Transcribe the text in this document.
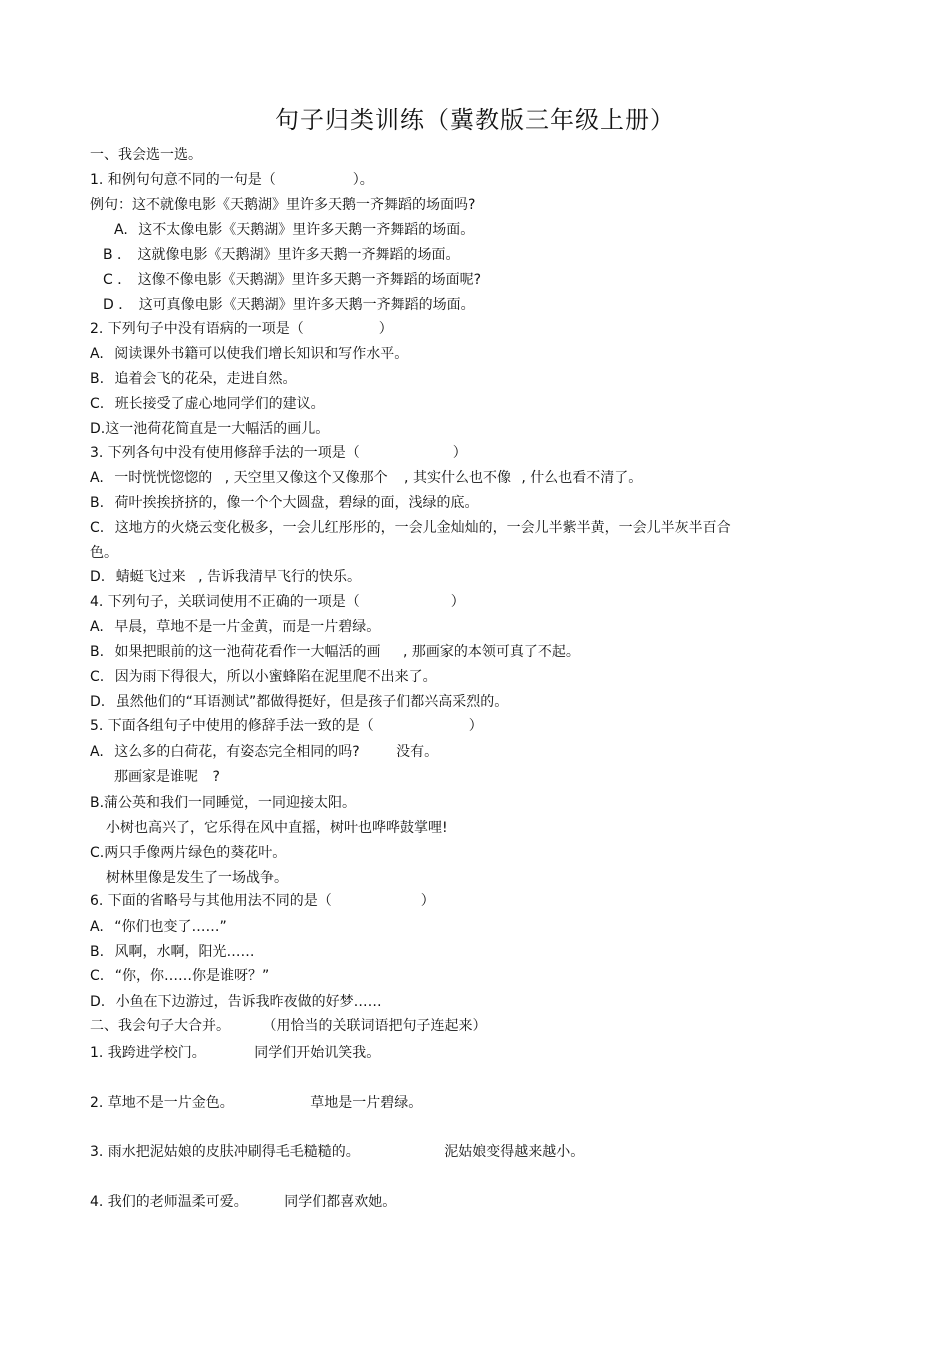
句子归类训练（冀教版三年级上册）
一、我会选一选。
1. 和例句句意不同的一句是（	）。
例句：这不就像电影《天鹅湖》里许多天鹅一齐舞蹈的场面吗?
A. 这不太像电影《天鹅湖》里许多天鹅一齐舞蹈的场面。
B ． 这就像电影《天鹅湖》里许多天鹅一齐舞蹈的场面。
C ． 这像不像电影《天鹅湖》里许多天鹅一齐舞蹈的场面呢?
D ． 这可真像电影《天鹅湖》里许多天鹅一齐舞蹈的场面。
2. 下列句子中没有语病的一项是（	）
A. 阅读课外书籍可以使我们增长知识和写作水平。
B. 追着会飞的花朵，走进自然。
C. 班长接受了虚心地同学们的建议。
D.这一池荷花简直是一大幅活的画儿。
3. 下列各句中没有使用修辞手法的一项是（	）
A. 一时恍恍惚惚的 , 天空里又像这个又像那个 , 其实什么也不像 , 什么也看不清了。
B. 荷叶挨挨挤挤的，像一个个大圆盘，碧绿的面，浅绿的底。
C. 这地方的火烧云变化极多，一会儿红彤彤的，一会儿金灿灿的，一会儿半紫半黄，一会儿半灰半百合
色。
D. 蜻蜓飞过来 , 告诉我清早飞行的快乐。
4. 下列句子，关联词使用不正确的一项是（	）
A. 早晨，草地不是一片金黄，而是一片碧绿。
B. 如果把眼前的这一池荷花看作一大幅活的画 , 那画家的本领可真了不起。
C. 因为雨下得很大，所以小蜜蜂陷在泥里爬不出来了。
D. 虽然他们的“耳语测试”都做得挺好，但是孩子们都兴高采烈的。
5. 下面各组句子中使用的修辞手法一致的是（	）
A. 这么多的白荷花，有姿态完全相同的吗?	没有。
那画家是谁呢 ?
B.蒲公英和我们一同睡觉，一同迎接太阳。
小树也高兴了，它乐得在风中直摇，树叶也哗哗鼓掌哩!
C.两只手像两片绿色的葵花叶。
树林里像是发生了一场战争。
6. 下面的省略号与其他用法不同的是（	）
A. “你们也变了……”
B. 风啊，水啊，阳光……
C. “你，你……你是谁呀？”
D. 小鱼在下边游过，告诉我昨夜做的好梦……
二、我会句子大合并。 （用恰当的关联词语把句子连起来）
1. 我跨进学校门。	同学们开始讥笑我。
2. 草地不是一片金色。	草地是一片碧绿。
3. 雨水把泥姑娘的皮肤冲刷得毛毛糙糙的。	泥姑娘变得越来越小。
4. 我们的老师温柔可爱。	同学们都喜欢她。
